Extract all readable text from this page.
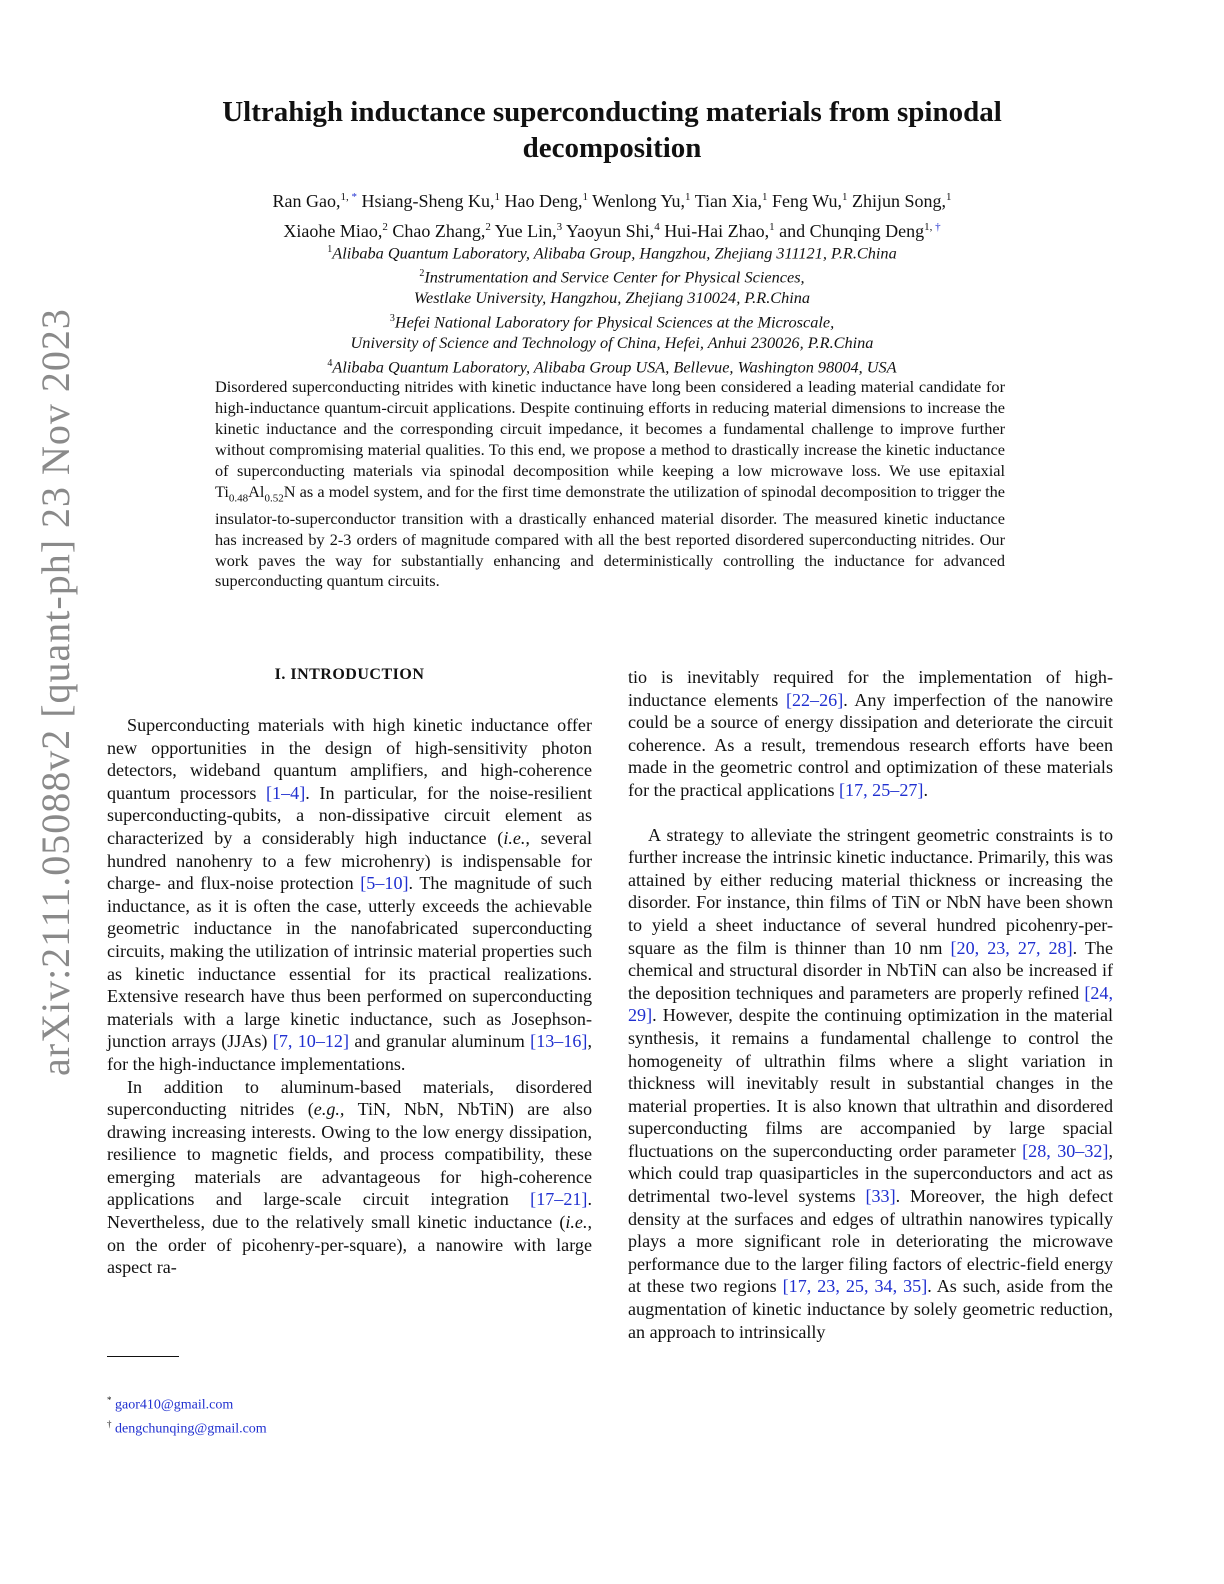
arXiv:2111.05088v2 [quant-ph] 23 Nov 2023
Ultrahigh inductance superconducting materials from spinodal decomposition
Ran Gao,$^{1, *}$ Hsiang-Sheng Ku,$^1$ Hao Deng,$^1$ Wenlong Yu,$^1$ Tian Xia,$^1$ Feng Wu,$^1$ Zhijun Song,$^1$
Xiaohe Miao,$^2$ Chao Zhang,$^2$ Yue Lin,$^3$ Yaoyun Shi,$^4$ Hui-Hai Zhao,$^1$ and Chunqing Deng$^{1, \dagger}$
$^1$Alibaba Quantum Laboratory, Alibaba Group, Hangzhou, Zhejiang 311121, P.R.China
$^2$Instrumentation and Service Center for Physical Sciences,
Westlake University, Hangzhou, Zhejiang 310024, P.R.China
$^3$Hefei National Laboratory for Physical Sciences at the Microscale,
University of Science and Technology of China, Hefei, Anhui 230026, P.R.China
$^4$Alibaba Quantum Laboratory, Alibaba Group USA, Bellevue, Washington 98004, USA

Disordered superconducting nitrides with kinetic inductance have long been considered a leading material candidate for high-inductance quantum-circuit applications. Despite continuing efforts in reducing material dimensions to increase the kinetic inductance and the corresponding circuit impedance, it becomes a fundamental challenge to improve further without compromising material qualities. To this end, we propose a method to drastically increase the kinetic inductance of superconducting materials via spinodal decomposition while keeping a low microwave loss. We use epitaxial $Ti_{0.48}Al_{0.52}N$ as a model system, and for the first time demonstrate the utilization of spinodal decomposition to trigger the insulator-to-superconductor transition with a drastically enhanced material disorder. The measured kinetic inductance has increased by 2-3 orders of magnitude compared with all the best reported disordered superconducting nitrides. Our work paves the way for substantially enhancing and deterministically controlling the inductance for advanced superconducting quantum circuits.

I. INTRODUCTION

Superconducting materials with high kinetic inductance offer new opportunities in the design of high-sensitivity photon detectors, wideband quantum amplifiers, and high-coherence quantum processors [1–4]. In particular, for the noise-resilient superconducting-qubits, a non-dissipative circuit element as characterized by a considerably high inductance (i.e., several hundred nanohenry to a few microhenry) is indispensable for charge- and flux-noise protection [5–10]. The magnitude of such inductance, as it is often the case, utterly exceeds the achievable geometric inductance in the nanofabricated superconducting circuits, making the utilization of intrinsic material properties such as kinetic inductance essential for its practical realizations. Extensive research have thus been performed on superconducting materials with a large kinetic inductance, such as Josephson-junction arrays (JJAs) [7, 10–12] and granular aluminum [13–16], for the high-inductance implementations.

In addition to aluminum-based materials, disordered superconducting nitrides (e.g., TiN, NbN, NbTiN) are also drawing increasing interests. Owing to the low energy dissipation, resilience to magnetic fields, and process compatibility, these emerging materials are advantageous for high-coherence applications and large-scale circuit integration [17–21]. Nevertheless, due to the relatively small kinetic inductance (i.e., on the order of picohenry-per-square), a nanowire with large aspect ra-

tio is inevitably required for the implementation of high-inductance elements [22–26]. Any imperfection of the nanowire could be a source of energy dissipation and deteriorate the circuit coherence. As a result, tremendous research efforts have been made in the geometric control and optimization of these materials for the practical applications [17, 25–27].

A strategy to alleviate the stringent geometric constraints is to further increase the intrinsic kinetic inductance. Primarily, this was attained by either reducing material thickness or increasing the disorder. For instance, thin films of TiN or NbN have been shown to yield a sheet inductance of several hundred picohenry-per-square as the film is thinner than 10 nm [20, 23, 27, 28]. The chemical and structural disorder in NbTiN can also be increased if the deposition techniques and parameters are properly refined [24, 29]. However, despite the continuing optimization in the material synthesis, it remains a fundamental challenge to control the homogeneity of ultrathin films where a slight variation in thickness will inevitably result in substantial changes in the material properties. It is also known that ultrathin and disordered superconducting films are accompanied by large spacial fluctuations on the superconducting order parameter [28, 30–32], which could trap quasiparticles in the superconductors and act as detrimental two-level systems [33]. Moreover, the high defect density at the surfaces and edges of ultrathin nanowires typically plays a more significant role in deteriorating the microwave performance due to the larger filing factors of electric-field energy at these two regions [17, 23, 25, 34, 35]. As such, aside from the augmentation of kinetic inductance by solely geometric reduction, an approach to intrinsically

* gaor410@gmail.com
† dengchunqing@gmail.com
